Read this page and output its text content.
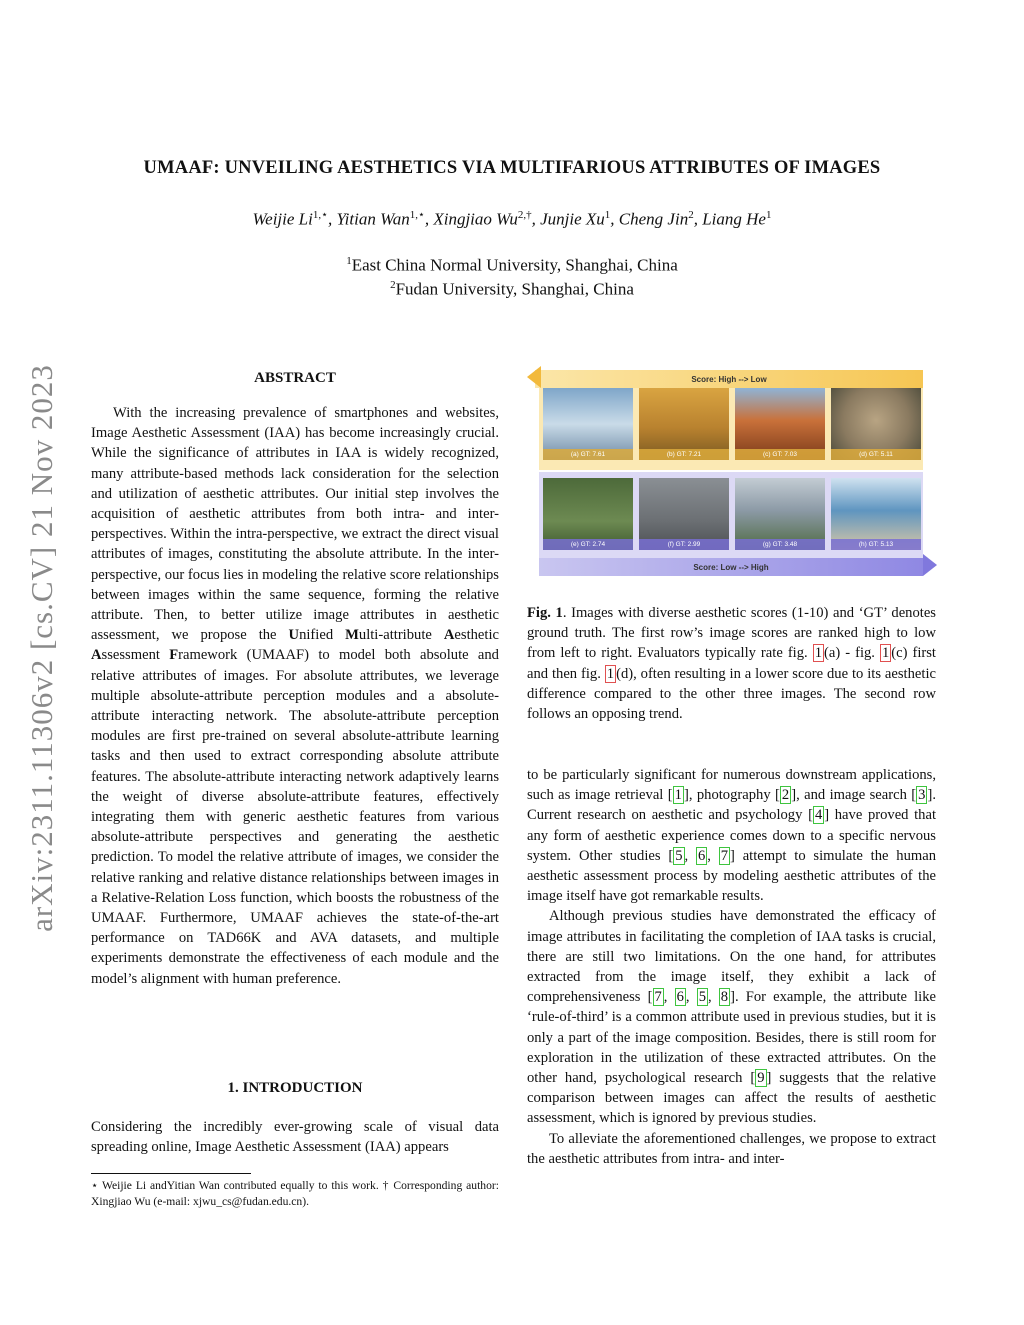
arXiv:2311.11306v2 [cs.CV] 21 Nov 2023
UMAAF: UNVEILING AESTHETICS VIA MULTIFARIOUS ATTRIBUTES OF IMAGES
Weijie $Li^{1,⋆}$, Yitian Wan$^{1,⋆}$, Xingjiao $Wu^{2,\dagger}$, Junjie Xu$^1$, Cheng Jin$^2$, Liang He$^1$
$^1$East China Normal University, Shanghai, China
$^2$Fudan University, Shanghai, China
ABSTRACT

With the increasing prevalence of smartphones and websites, Image Aesthetic Assessment (IAA) has become increasingly crucial. While the significance of attributes in IAA is widely recognized, many attribute-based methods lack consideration for the selection and utilization of aesthetic attributes. Our initial step involves the acquisition of aesthetic attributes from both intra- and inter-perspectives. Within the intra-perspective, we extract the direct visual attributes of images, constituting the absolute attribute. In the inter-perspective, our focus lies in modeling the relative score relationships between images within the same sequence, forming the relative attribute. Then, to better utilize image attributes in aesthetic assessment, we propose the Unified Multi-attribute Aesthetic Assessment Framework (UMAAF) to model both absolute and relative attributes of images. For absolute attributes, we leverage multiple absolute-attribute perception modules and a absolute-attribute interacting network. The absolute-attribute perception modules are first pre-trained on several absolute-attribute learning tasks and then used to extract corresponding absolute attribute features. The absolute-attribute interacting network adaptively learns the weight of diverse absolute-attribute features, effectively integrating them with generic aesthetic features from various absolute-attribute perspectives and generating the aesthetic prediction. To model the relative attribute of images, we consider the relative ranking and relative distance relationships between images in a Relative-Relation Loss function, which boosts the robustness of the UMAAF. Furthermore, UMAAF achieves the state-of-the-art performance on TAD66K and AVA datasets, and multiple experiments demonstrate the effectiveness of each module and the model’s alignment with human preference.

1. INTRODUCTION

Considering the incredibly ever-growing scale of visual data spreading online, Image Aesthetic Assessment (IAA) appears

⋆ Weijie Li andYitian Wan contributed equally to this work. † Corresponding author: Xingjiao Wu (e-mail: xjwu_cs@fudan.edu.cn).
Score: High --> Low
(a) GT: 7.61	(b) GT: 7.21	(c) GT: 7.03	(d) GT: 5.11
(e) GT: 2.74	(f) GT: 2.99	(g) GT: 3.48	(h) GT: 5.13
Score: Low --> High

Fig. 1. Images with diverse aesthetic scores (1-10) and ‘GT’ denotes ground truth. The first row’s image scores are ranked high to low from left to right. Evaluators typically rate fig. 1 (a) - fig. 1 (c) first and then fig. 1 (d), often resulting in a lower score due to its aesthetic difference compared to the other three images. The second row follows an opposing trend.

to be particularly significant for numerous downstream applications, such as image retrieval [ 1 ], photography [ 2 ], and image search [ 3 ]. Current research on aesthetic and psychology [ 4 ] have proved that any form of aesthetic experience comes down to a specific nervous system. Other studies [ 5 , 6 , 7 ] attempt to simulate the human aesthetic assessment process by modeling aesthetic attributes of the image itself have got remarkable results.

Although previous studies have demonstrated the efficacy of image attributes in facilitating the completion of IAA tasks is crucial, there are still two limitations. On the one hand, for attributes extracted from the image itself, they exhibit a lack of comprehensiveness [ 7 , 6 , 5 , 8 ]. For example, the attribute like ‘rule-of-third’ is a common attribute used in previous studies, but it is only a part of the image composition. Besides, there is still room for exploration in the utilization of these extracted attributes. On the other hand, psychological research [ 9 ] suggests that the relative comparison between images can affect the results of aesthetic assessment, which is ignored by previous studies.

To alleviate the aforementioned challenges, we propose to extract the aesthetic attributes from intra- and inter-
